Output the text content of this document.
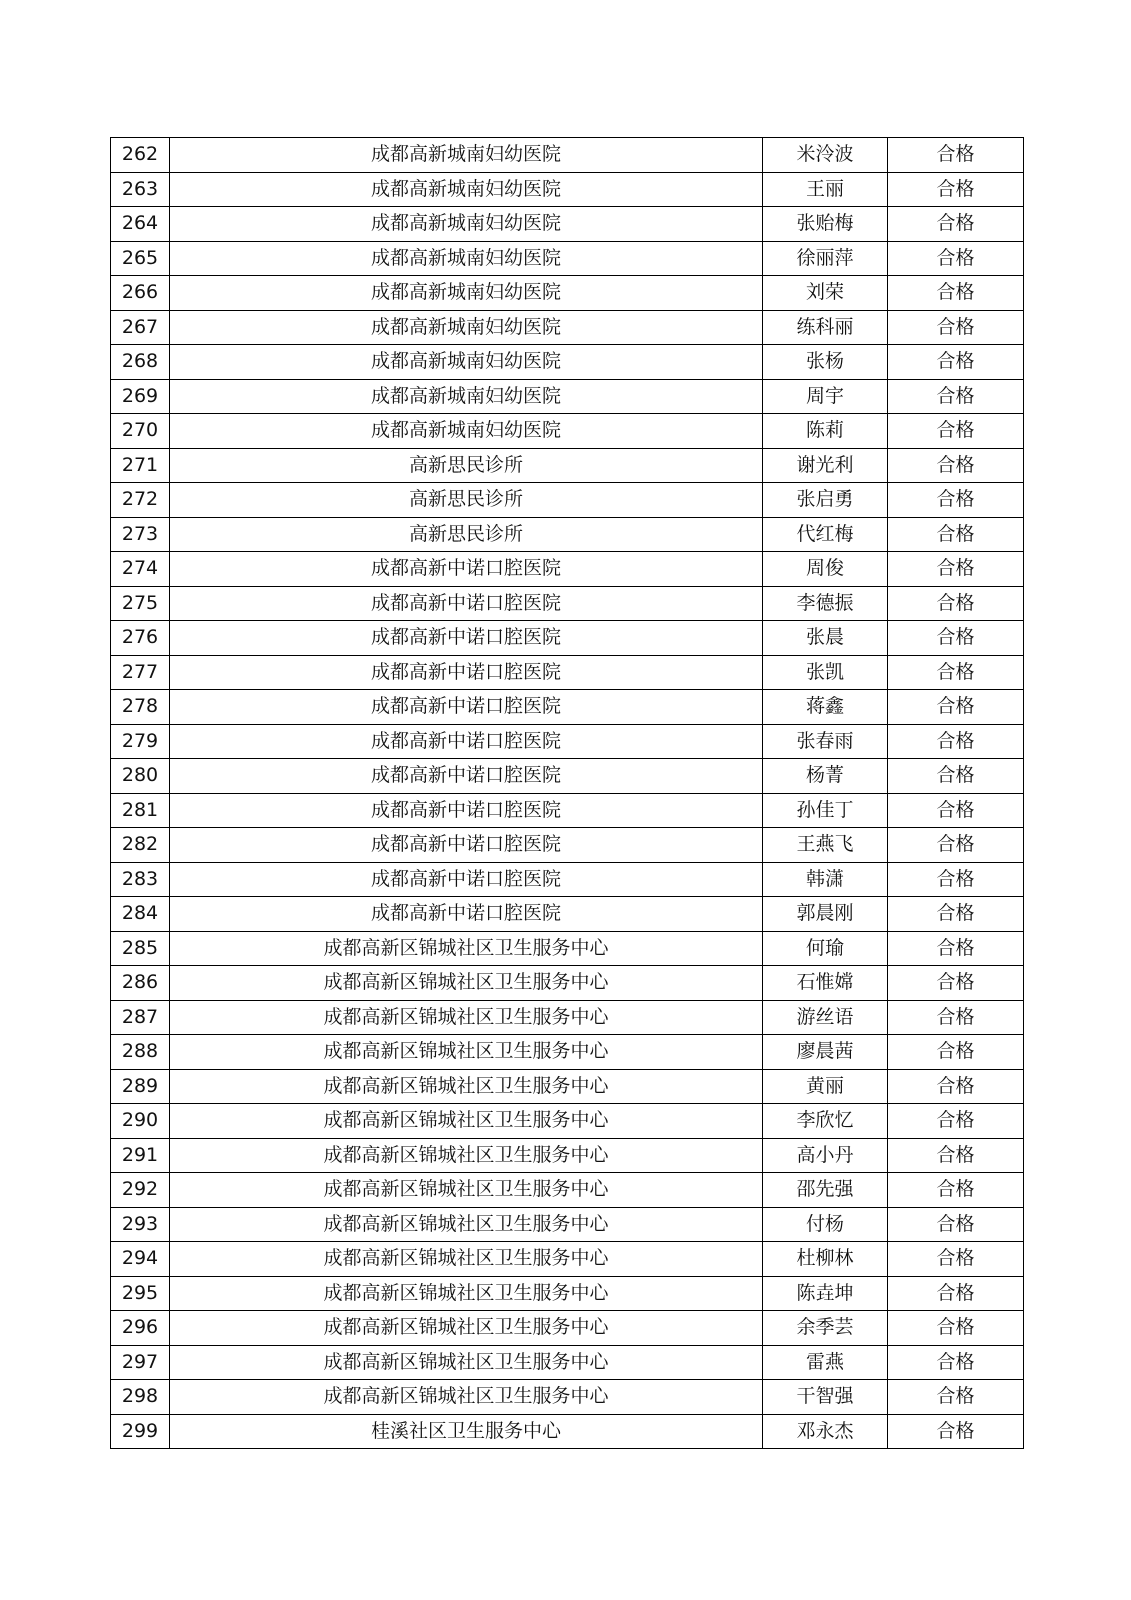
262	成都高新城南妇幼医院	米泠波	合格
263	成都高新城南妇幼医院	王丽	合格
264	成都高新城南妇幼医院	张贻梅	合格
265	成都高新城南妇幼医院	徐丽萍	合格
266	成都高新城南妇幼医院	刘荣	合格
267	成都高新城南妇幼医院	练科丽	合格
268	成都高新城南妇幼医院	张杨	合格
269	成都高新城南妇幼医院	周宇	合格
270	成都高新城南妇幼医院	陈莉	合格
271	高新思民诊所	谢光利	合格
272	高新思民诊所	张启勇	合格
273	高新思民诊所	代红梅	合格
274	成都高新中诺口腔医院	周俊	合格
275	成都高新中诺口腔医院	李德振	合格
276	成都高新中诺口腔医院	张晨	合格
277	成都高新中诺口腔医院	张凯	合格
278	成都高新中诺口腔医院	蒋鑫	合格
279	成都高新中诺口腔医院	张春雨	合格
280	成都高新中诺口腔医院	杨菁	合格
281	成都高新中诺口腔医院	孙佳丁	合格
282	成都高新中诺口腔医院	王燕飞	合格
283	成都高新中诺口腔医院	韩潇	合格
284	成都高新中诺口腔医院	郭晨刚	合格
285	成都高新区锦城社区卫生服务中心	何瑜	合格
286	成都高新区锦城社区卫生服务中心	石惟嫦	合格
287	成都高新区锦城社区卫生服务中心	游丝语	合格
288	成都高新区锦城社区卫生服务中心	廖晨茜	合格
289	成都高新区锦城社区卫生服务中心	黄丽	合格
290	成都高新区锦城社区卫生服务中心	李欣忆	合格
291	成都高新区锦城社区卫生服务中心	高小丹	合格
292	成都高新区锦城社区卫生服务中心	邵先强	合格
293	成都高新区锦城社区卫生服务中心	付杨	合格
294	成都高新区锦城社区卫生服务中心	杜柳林	合格
295	成都高新区锦城社区卫生服务中心	陈垚坤	合格
296	成都高新区锦城社区卫生服务中心	余季芸	合格
297	成都高新区锦城社区卫生服务中心	雷燕	合格
298	成都高新区锦城社区卫生服务中心	干智强	合格
299	桂溪社区卫生服务中心	邓永杰	合格
